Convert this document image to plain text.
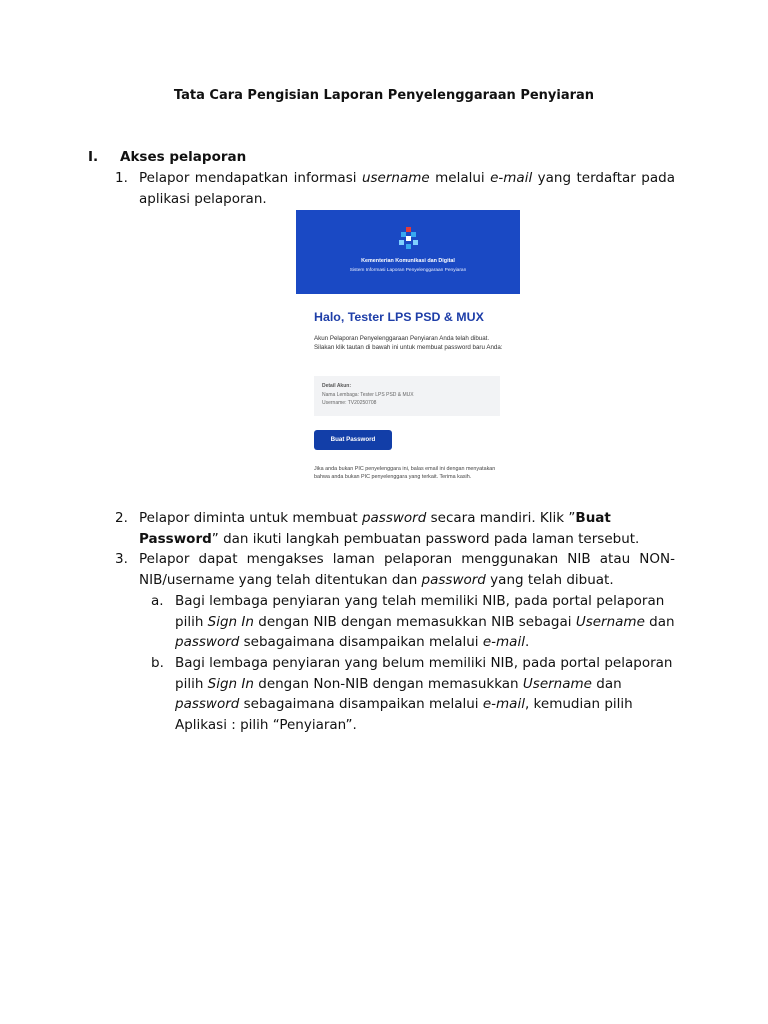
Tata Cara Pengisian Laporan Penyelenggaraan Penyiaran
I. Akses pelaporan
1. Pelapor mendapatkan informasi username melalui e-mail yang terdaftar pada aplikasi pelaporan.
Kementerian Komunikasi dan Digital
Sistem Informasi Laporan Penyelenggaraan Penyiaran
Halo, Tester LPS PSD & MUX
Akun Pelaporan Penyelenggaraan Penyiaran Anda telah dibuat. Silakan klik tautan di bawah ini untuk membuat password baru Anda:
Detail Akun:
Nama Lembaga: Tester LPS PSD & MUX
Username: TV20250708
Buat Password
Jika anda bukan PIC penyelenggara ini, balas email ini dengan menyatakan bahwa anda bukan PIC penyelenggara yang terkait. Terima kasih.
2. Pelapor diminta untuk membuat password secara mandiri. Klik ”Buat Password” dan ikuti langkah pembuatan password pada laman tersebut.
3. Pelapor dapat mengakses laman pelaporan menggunakan NIB atau NON-NIB/username yang telah ditentukan dan password yang telah dibuat.
a. Bagi lembaga penyiaran yang telah memiliki NIB, pada portal pelaporan pilih Sign In dengan NIB dengan memasukkan NIB sebagai Username dan password sebagaimana disampaikan melalui e-mail.
b. Bagi lembaga penyiaran yang belum memiliki NIB, pada portal pelaporan pilih Sign In dengan Non-NIB dengan memasukkan Username dan password sebagaimana disampaikan melalui e-mail, kemudian pilih Aplikasi : pilih “Penyiaran”.
